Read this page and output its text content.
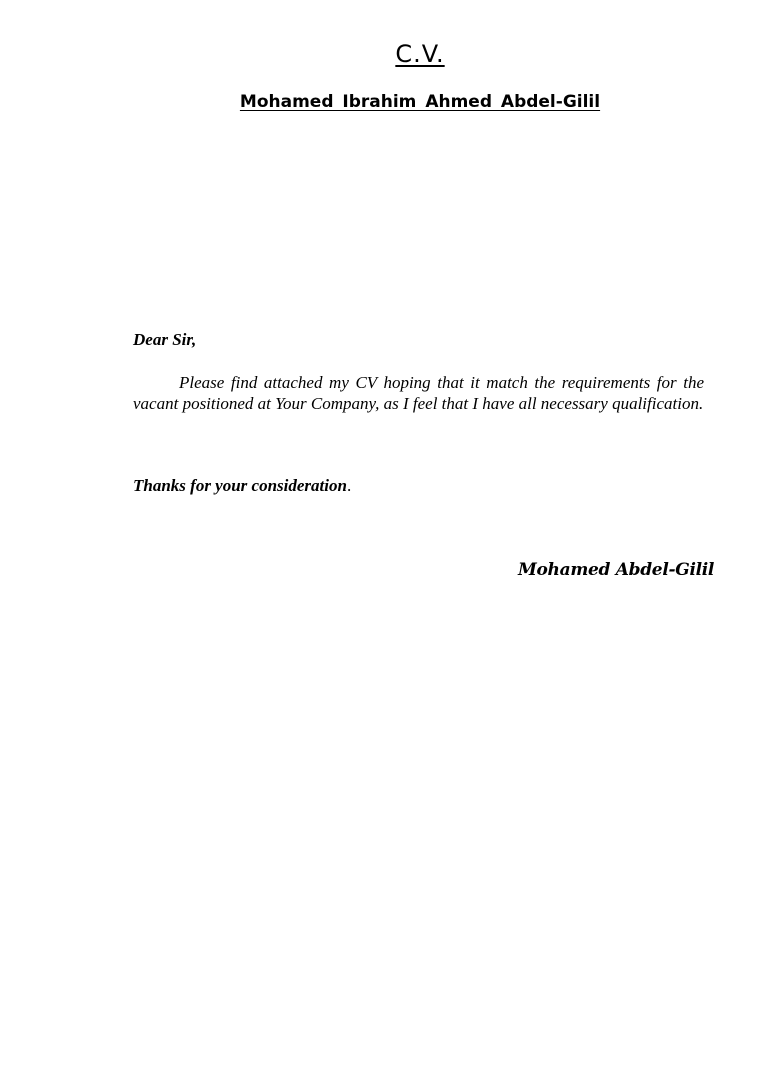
C.V.
Mohamed Ibrahim Ahmed Abdel-Gilil

Dear Sir,

Please find attached my CV hoping that it match the requirements for the vacant positioned at Your Company, as I feel that I have all necessary qualification.

Thanks for your consideration.

Mohamed Abdel-Gilil
